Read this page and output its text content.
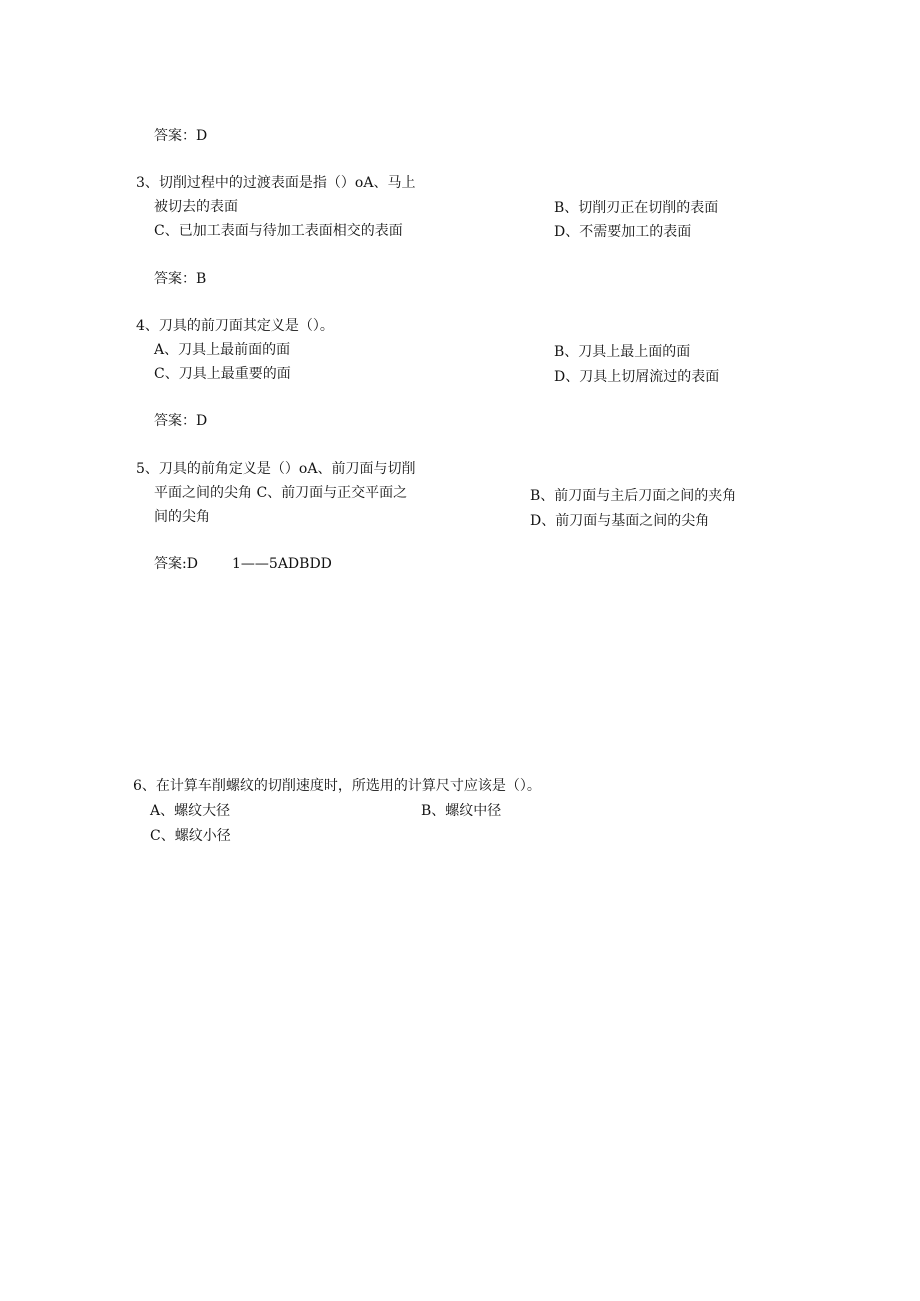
答案：D
3、切削过程中的过渡表面是指（）oA、马上
被切去的表面	B、切削刃正在切削的表面
C、已加工表面与待加工表面相交的表面	D、不需要加工的表面
答案：B
4、刀具的前刀面其定义是（）。
A、刀具上最前面的面	B、刀具上最上面的面
C、刀具上最重要的面	D、刀具上切屑流过的表面
答案：D
5、刀具的前角定义是（）oA、前刀面与切削
平面之间的尖角 C、前刀面与正交平面之
间的尖角
B、前刀面与主后刀面之间的夹角
D、前刀面与基面之间的尖角
答案:D 1——5ADBDD
6、在计算车削螺纹的切削速度时，所选用的计算尺寸应该是（）。
A、螺纹大径	B、螺纹中径
C、螺纹小径
